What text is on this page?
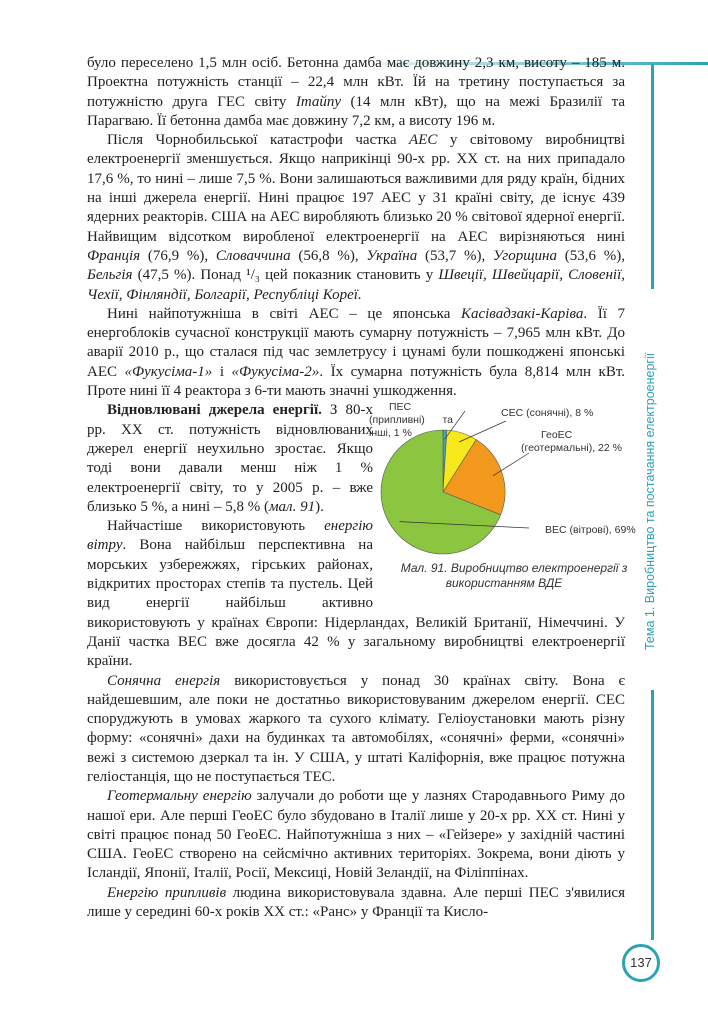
Тема 1. Виробництво та постачання електроенергії

було переселено 1,5 млн осіб. Бетонна дамба має довжину 2,3 км, висоту – 185 м. Проектна потужність станції – 22,4 млн кВт. Їй на третину поступається за потужністю друга ГЕС світу Ітайпу (14 млн кВт), що на межі Бразилії та Парагваю. Її бетонна дамба має довжину 7,2 км, а висоту 196 м.

Після Чорнобильської катастрофи частка АЕС у світовому виробництві електроенергії зменшується. Якщо наприкінці 90-х рр. XX ст. на них припадало 17,6 %, то нині – лише 7,5 %. Вони залишаються важливими для ряду країн, бідних на інші джерела енергії. Нині працює 197 АЕС у 31 країні світу, де існує 439 ядерних реакторів. США на АЕС виробляють близько 20 % світової ядерної енергії. Найвищим відсотком виробленої електроенергії на АЕС вирізняються нині Франція (76,9 %), Словаччина (56,8 %), Україна (53,7 %), Угорщина (53,6 %), Бельгія (47,5 %). Понад ¹/₃ цей показник становить у Швеції, Швейцарії, Словенії, Чехії, Фінляндії, Болгарії, Республіці Кореї.

Нині найпотужніша в світі АЕС – це японська Касівадзакі-Каріва. Її 7 енергоблоків сучасної конструкції мають сумарну потужність – 7,965 млн кВт. До аварії 2010 р., що сталася під час землетрусу і цунамі були пошкоджені японські АЕС «Фукусіма-1» і «Фукусіма-2». Їх сумарна потужність була 8,814 млн кВт. Проте нині її 4 реактора з 6-ти мають значні ушкодження.

ПЕС (припливні) та інші, 1 %
СЕС (сонячні), 8 %
ГеоЕС (геотермальні), 22 %
ВЕС (вітрові), 69%
Мал. 91. Виробництво електроенергії з використанням ВДЕ
Відновлювані джерела енергії. З 80-х рр. XX ст. потужність відновлюваних джерел енергії неухильно зростає. Якщо тоді вони давали менш ніж 1 % електроенергії світу, то у 2005 р. – вже близько 5 %, а нині – 5,8 % (мал. 91).

Найчастіше використовують енергію вітру. Вона найбільш перспективна на морських узбережжях, гірських районах, відкритих просторах степів та пустель. Цей вид енергії найбільш активно використовують у країнах Європи: Нідерландах, Великій Британії, Німеччині. У Данії частка ВЕС вже досягла 42 % у загальному виробництві електроенергії країни.

Сонячна енергія використовується у понад 30 країнах світу. Вона є найдешевшим, але поки не достатньо використовуваним джерелом енергії. СЕС споруджують в умовах жаркого та сухого клімату. Геліоустановки мають різну форму: «сонячні» дахи на будинках та автомобілях, «сонячні» ферми, «сонячні» вежі з системою дзеркал та ін. У США, у штаті Каліфорнія, вже працює потужна геліостанція, що не поступається ТЕС.

Геотермальну енергію залучали до роботи ще у лазнях Стародавнього Риму до нашої ери. Але перші ГеоЕС було збудовано в Італії лише у 20-х рр. XX ст. Нині у світі працює понад 50 ГеоЕС. Найпотужніша з них – «Гейзере» у західній частині США. ГеоЕС створено на сейсмічно активних територіях. Зокрема, вони діють у Ісландії, Японії, Італії, Росії, Мексиці, Новій Зеландії, на Філіппінах.

Енергію припливів людина використовувала здавна. Але перші ПЕС з'явилися лише у середині 60-х років XX ст.: «Ранс» у Франції та Кисло-

137
